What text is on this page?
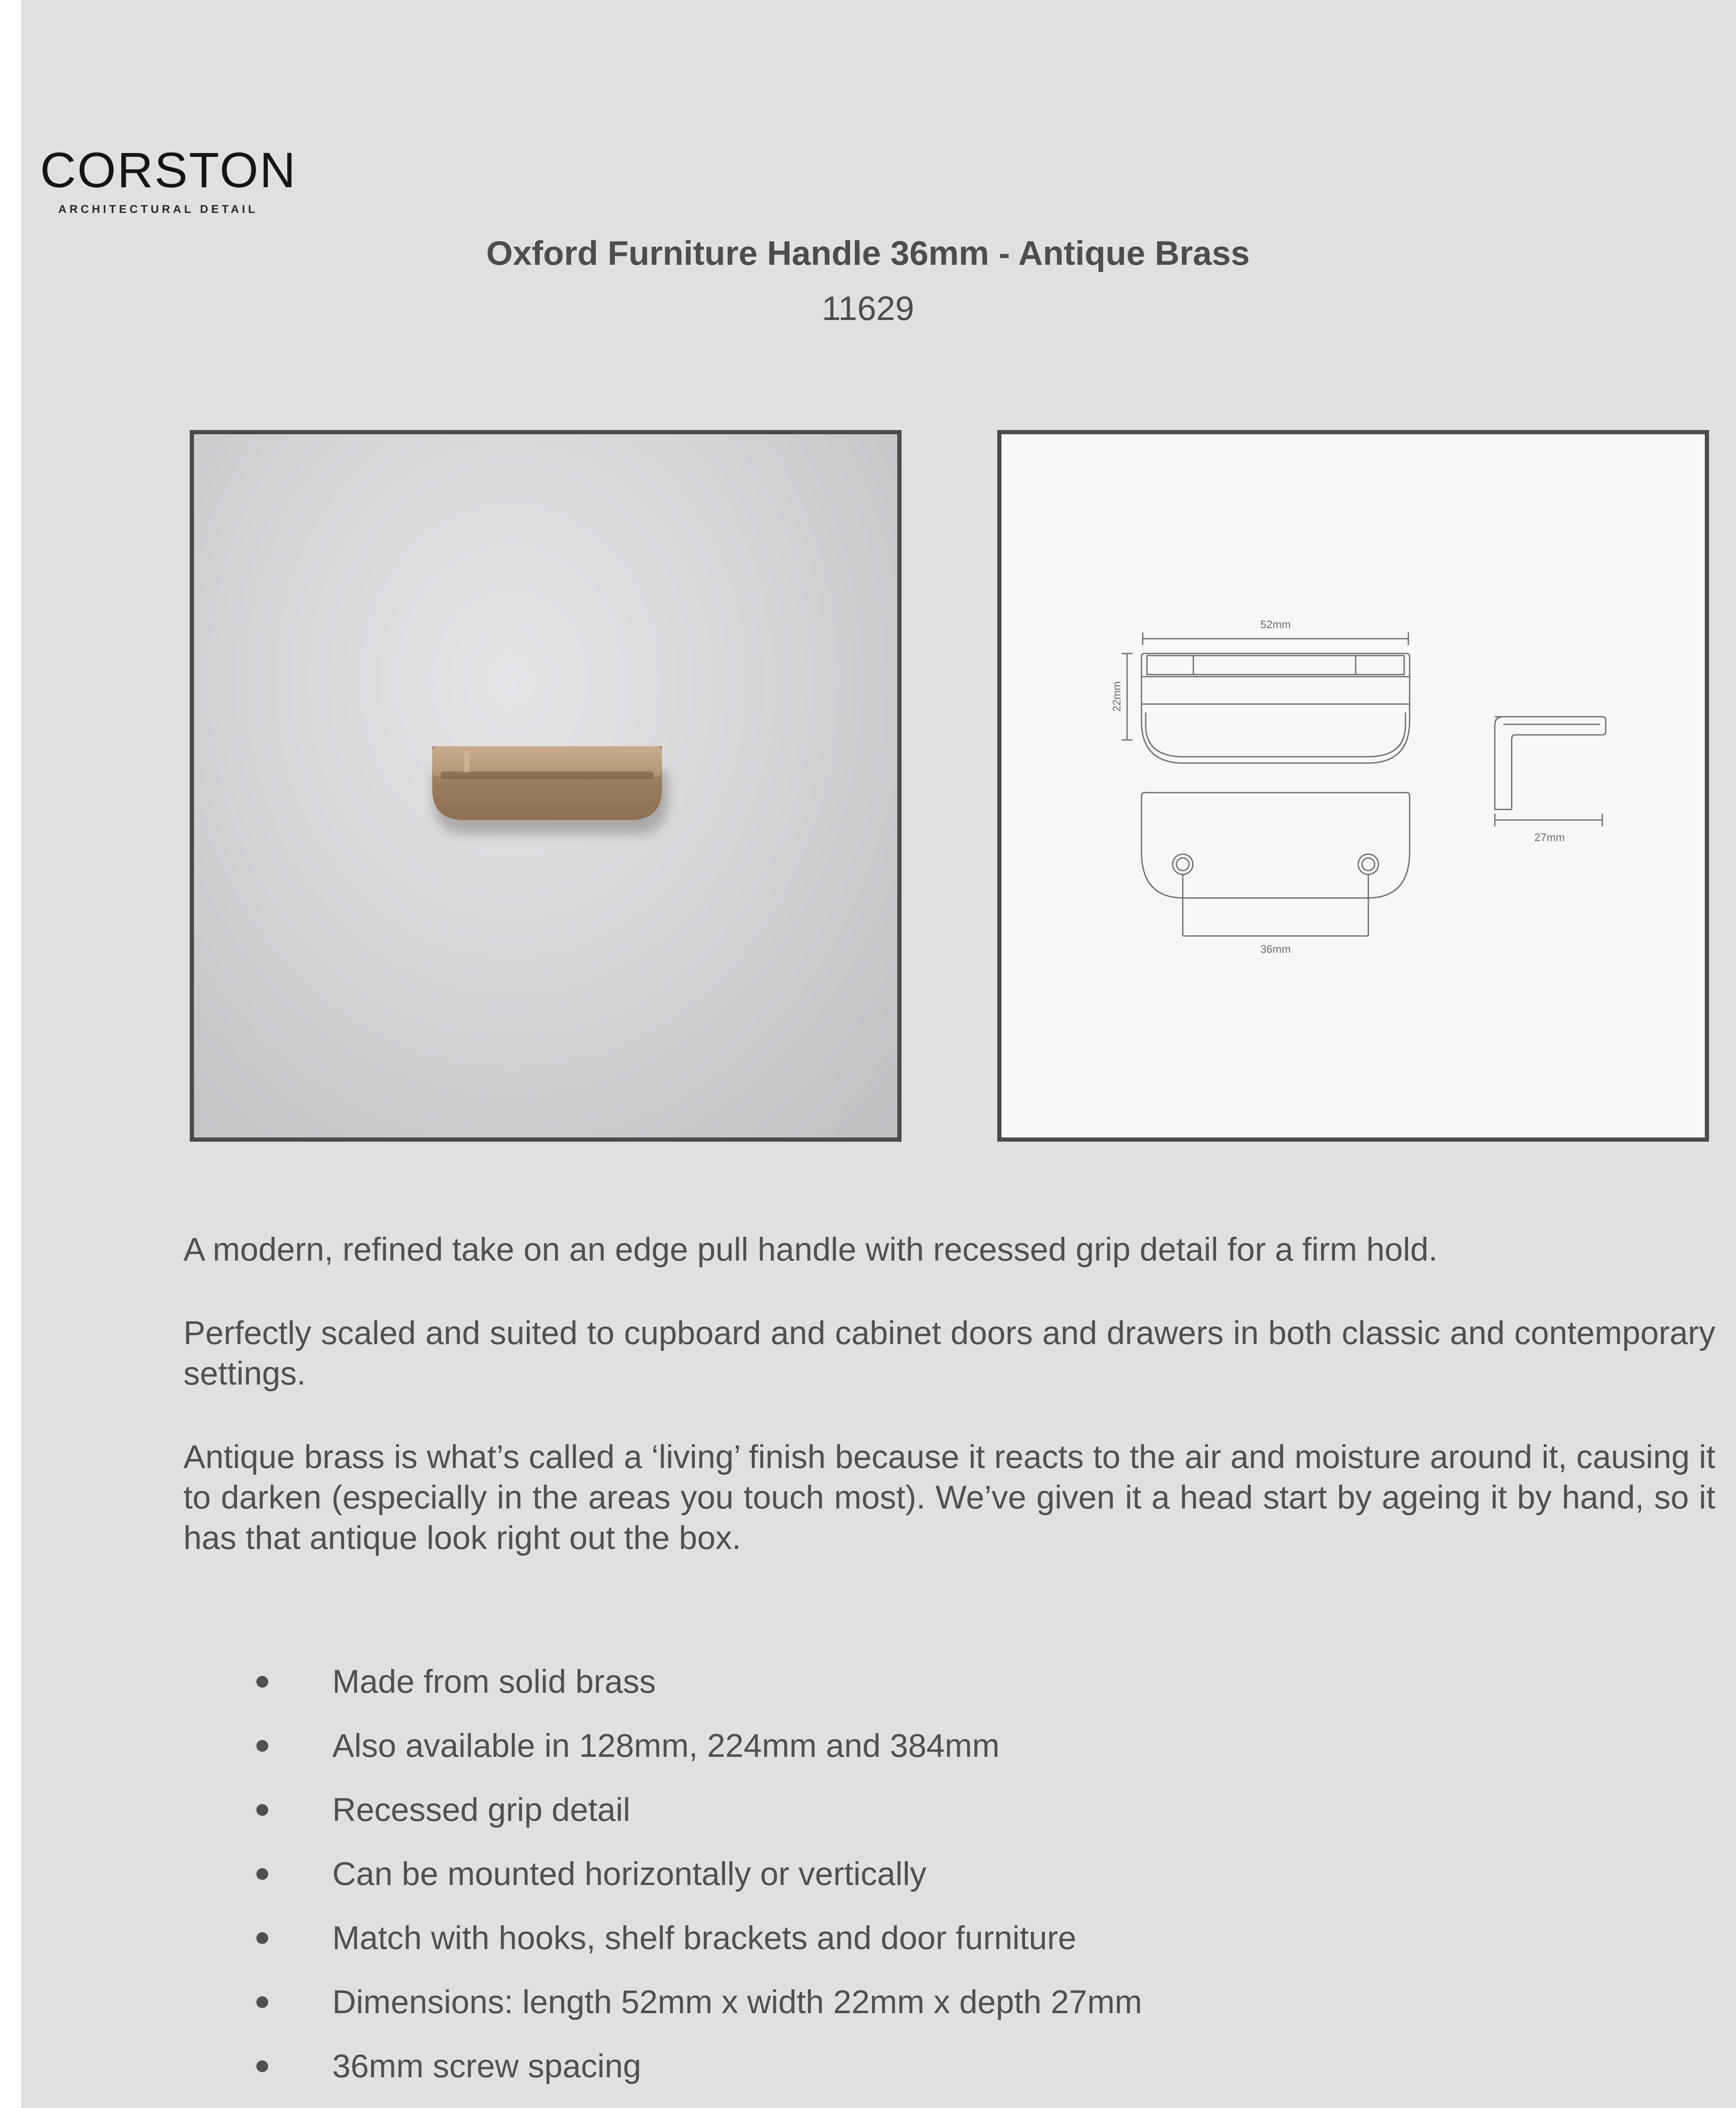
CORSTON
ARCHITECTURAL DETAIL
Oxford Furniture Handle 36mm - Antique Brass
11629
52mm
22mm
36mm
27mm

A modern, refined take on an edge pull handle with recessed grip detail for a firm hold.

Perfectly scaled and suited to cupboard and cabinet doors and drawers in both classic and contemporary settings.

Antique brass is what’s called a ‘living’ finish because it reacts to the air and moisture around it, causing it to darken (especially in the areas you touch most). We’ve given it a head start by ageing it by hand, so it has that antique look right out the box.

Made from solid brass
Also available in 128mm, 224mm and 384mm
Recessed grip detail
Can be mounted horizontally or vertically
Match with hooks, shelf brackets and door furniture
Dimensions: length 52mm x width 22mm x depth 27mm
36mm screw spacing
